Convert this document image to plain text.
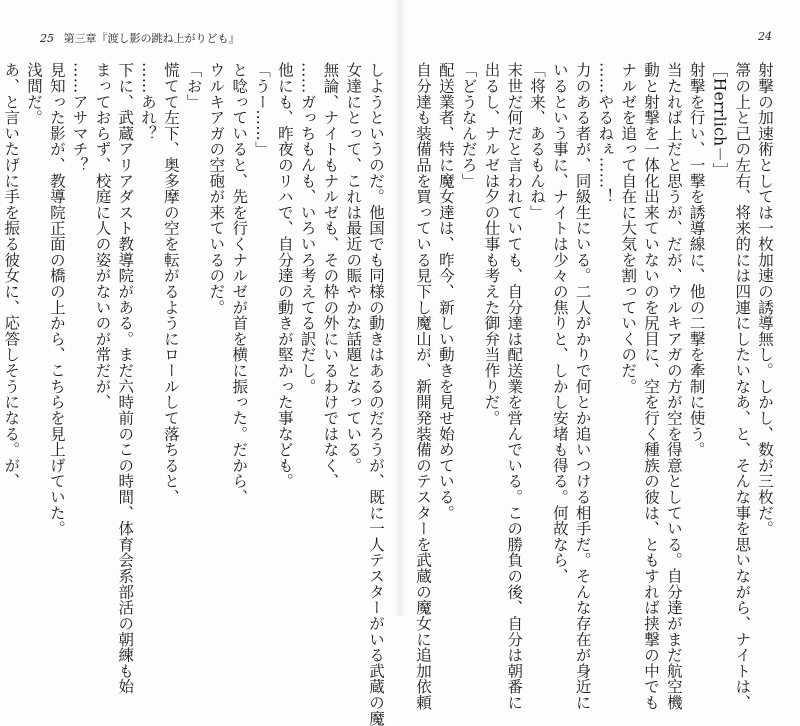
25 第三章『渡し影の跳ね上がりども』
しようというのだ。他国でも同様の動きはあるのだろうが、既に一人テスターがいる武蔵の魔
女達にとって、これは最近の賑やかな話題となっている。
無論、ナイトもナルゼも、その枠の外にいるわけではなく、
……ガっちもんも、いろいろ考えてる訳だし。
他にも、昨夜のリハで、自分達の動きが堅かった事なども。
「うー……」
と唸っていると、先を行くナルゼが首を横に振った。だから、
ウルキアガの空砲が来ているのだ。
「お」
慌てて左下、奥多摩の空を転がるようにロールして落ちると、
……あれ？
下に、武蔵アリアダスト教導院がある。まだ六時前のこの時間、体育会系部活の朝練も始
まっておらず、校庭に人の姿がないのが常だが、
……アサマチ？
見知った影が、教導院正面の橋の上から、こちらを見上げていた。
浅間だ。
あ、と言いたげに手を振る彼女に、応答しそうになる。が、
24
射撃の加速術としては一枚加速の誘導無し。しかし、数が三枚だ。
箒の上と己の左右、将来的には四連にしたいなあ、と、そんな事を思いながら、ナイトは、
［Herrlich－］
射撃を行い、一撃を誘導線に、他の二撃を牽制に使う。
当たれば上だと思うが、だが、ウルキアガの方が空を得意としている。自分達がまだ航空機
動と射撃を一体化出来ていないのを尻目に、空を行く種族の彼は、ともすれば挟撃の中でも
ナルゼを追って自在に大気を割っていくのだ。
……やるねぇ……！
力のある者が、同級生にいる。二人がかりで何とか追いつける相手だ。そんな存在が身近に
いるという事に、ナイトは少々の焦りと、しかし安堵も得る。何故なら、
「将来、あるもんね」
末世だ何だと言われていても、自分達は配送業を営んでいる。この勝負の後、自分は朝番に
出るし、ナルゼは夕の仕事も考えた御弁当作りだ。
「どうなんだろ」
配送業者、特に魔女達は、昨今、新しい動きを見せ始めている。
自分達も装備品を買っている見下し魔山が、新開発装備のテスターを武蔵の魔女に追加依頼
